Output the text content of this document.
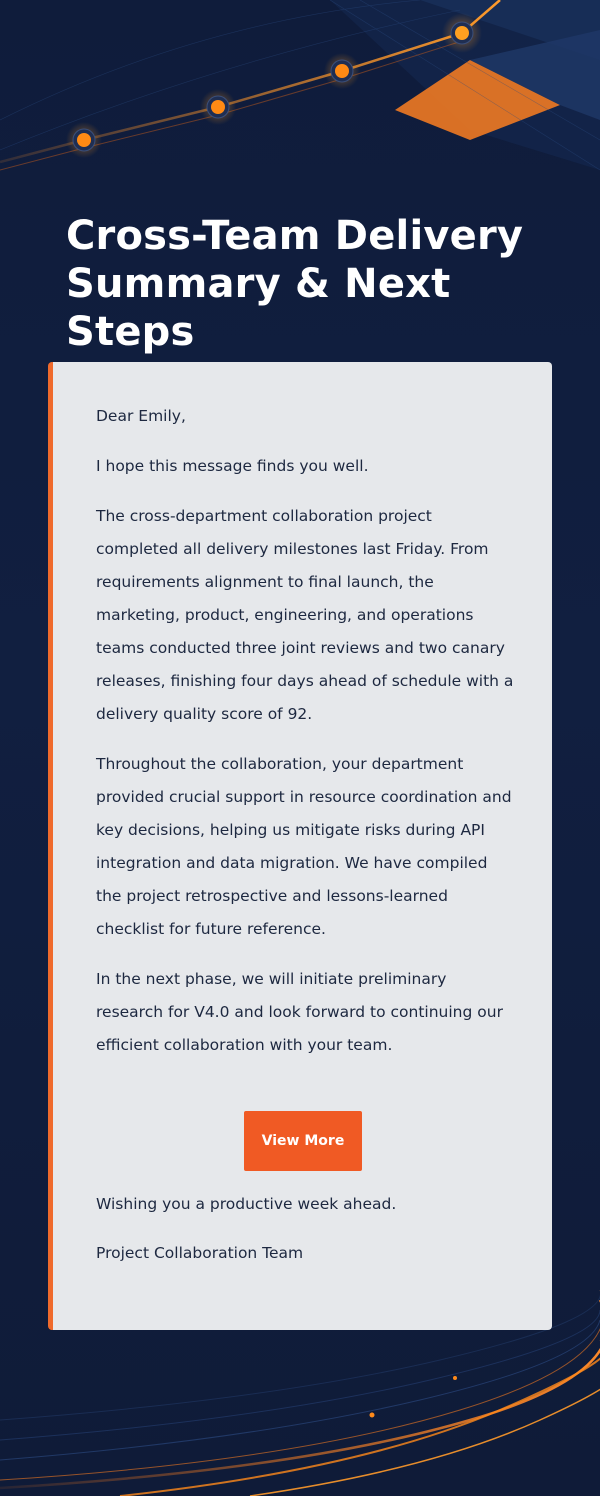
Cross-Team Delivery Summary & Next Steps

Dear Emily,

I hope this message finds you well.

The cross-department collaboration project completed all delivery milestones last Friday. From requirements alignment to final launch, the marketing, product, engineering, and operations teams conducted three joint reviews and two canary releases, finishing four days ahead of schedule with a delivery quality score of 92.

Throughout the collaboration, your department provided crucial support in resource coordination and key decisions, helping us mitigate risks during API integration and data migration. We have compiled the project retrospective and lessons-learned checklist for future reference.

In the next phase, we will initiate preliminary research for V4.0 and look forward to continuing our efficient collaboration with your team.

View More

Wishing you a productive week ahead.

Project Collaboration Team
